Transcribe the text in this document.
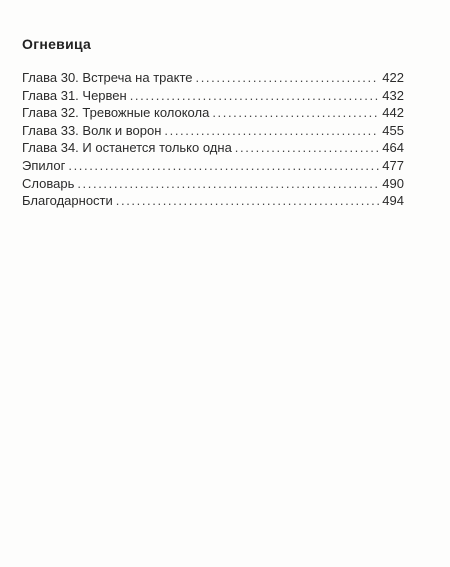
Огневица
Глава 30. Встреча на тракте .....	422
Глава 31. Червен .....	432
Глава 32. Тревожные колокола .....	442
Глава 33. Волк и ворон .....	455
Глава 34. И останется только одна .....	464
Эпилог .....	477
Словарь .....	490
Благодарности .....	494
